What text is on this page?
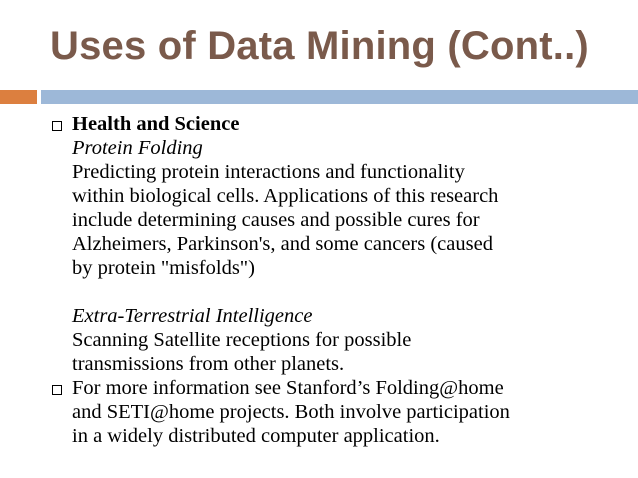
Uses of Data Mining (Cont..)
Health and Science
Protein Folding
Predicting protein interactions and functionality
within biological cells. Applications of this research
include determining causes and possible cures for
Alzheimers, Parkinson's, and some cancers (caused
by protein "misfolds")
Extra-Terrestrial Intelligence
Scanning Satellite receptions for possible
transmissions from other planets.
For more information see Stanford’s Folding@home
and SETI@home projects. Both involve participation
in a widely distributed computer application.
